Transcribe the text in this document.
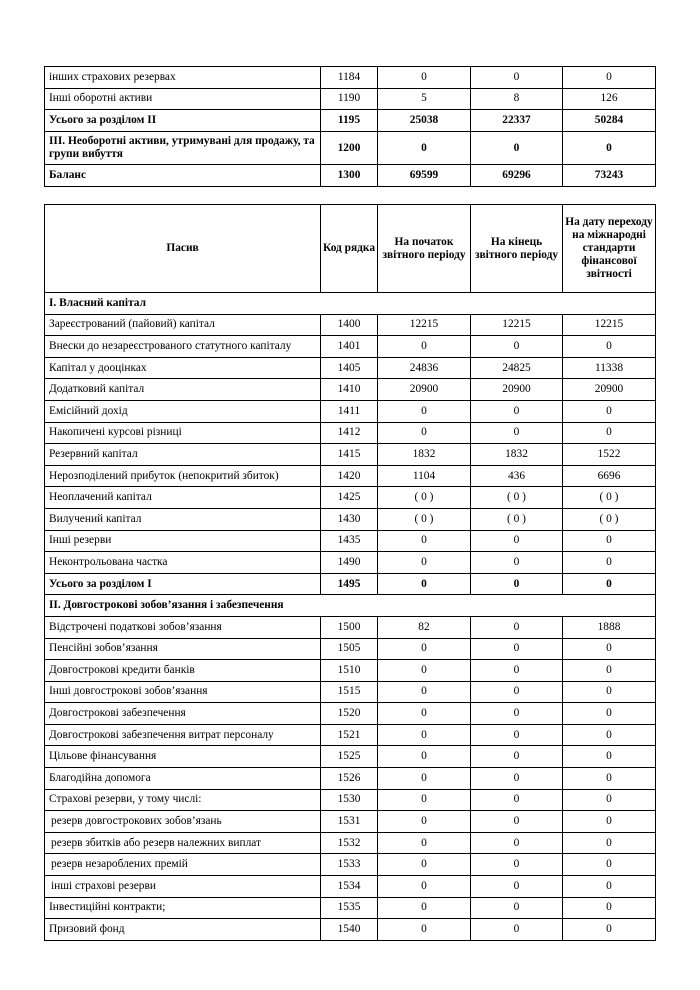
інших страхових резервах	1184	0	0	0
Інші оборотні активи	1190	5	8	126
Усього за розділом ІІ	1195	25038	22337	50284
ІІІ. Необоротні активи, утримувані для продажу, та групи вибуття	1200	0	0	0
Баланс	1300	69599	69296	73243
Пасив	Код рядка	На початок звітного періоду	На кінець звітного періоду	На дату переходу на міжнародні стандарти фінансової звітності
І. Власний капітал				
Зареєстрований (пайовий) капітал	1400	12215	12215	12215
Внески до незареєстрованого статутного капіталу	1401	0	0	0
Капітал у дооцінках	1405	24836	24825	11338
Додатковий капітал	1410	20900	20900	20900
Емісійний дохід	1411	0	0	0
Накопичені курсові різниці	1412	0	0	0
Резервний капітал	1415	1832	1832	1522
Нерозподілений прибуток (непокритий збиток)	1420	1104	436	6696
Неоплачений капітал	1425	( 0 )	( 0 )	( 0 )
Вилучений капітал	1430	( 0 )	( 0 )	( 0 )
Інші резерви	1435	0	0	0
Неконтрольована частка	1490	0	0	0
Усього за розділом І	1495	0	0	0
ІІ. Довгострокові зобов’язання і забезпечення				
Відстрочені податкові зобов’язання	1500	82	0	1888
Пенсійні зобов’язання	1505	0	0	0
Довгострокові кредити банків	1510	0	0	0
Інші довгострокові зобов’язання	1515	0	0	0
Довгострокові забезпечення	1520	0	0	0
Довгострокові забезпечення витрат персоналу	1521	0	0	0
Цільове фінансування	1525	0	0	0
Благодійна допомога	1526	0	0	0
Страхові резерви, у тому числі:	1530	0	0	0
резерв довгострокових зобов’язань	1531	0	0	0
резерв збитків або резерв належних виплат	1532	0	0	0
резерв незароблених премій	1533	0	0	0
інші страхові резерви	1534	0	0	0
Інвестиційні контракти;	1535	0	0	0
Призовий фонд	1540	0	0	0
